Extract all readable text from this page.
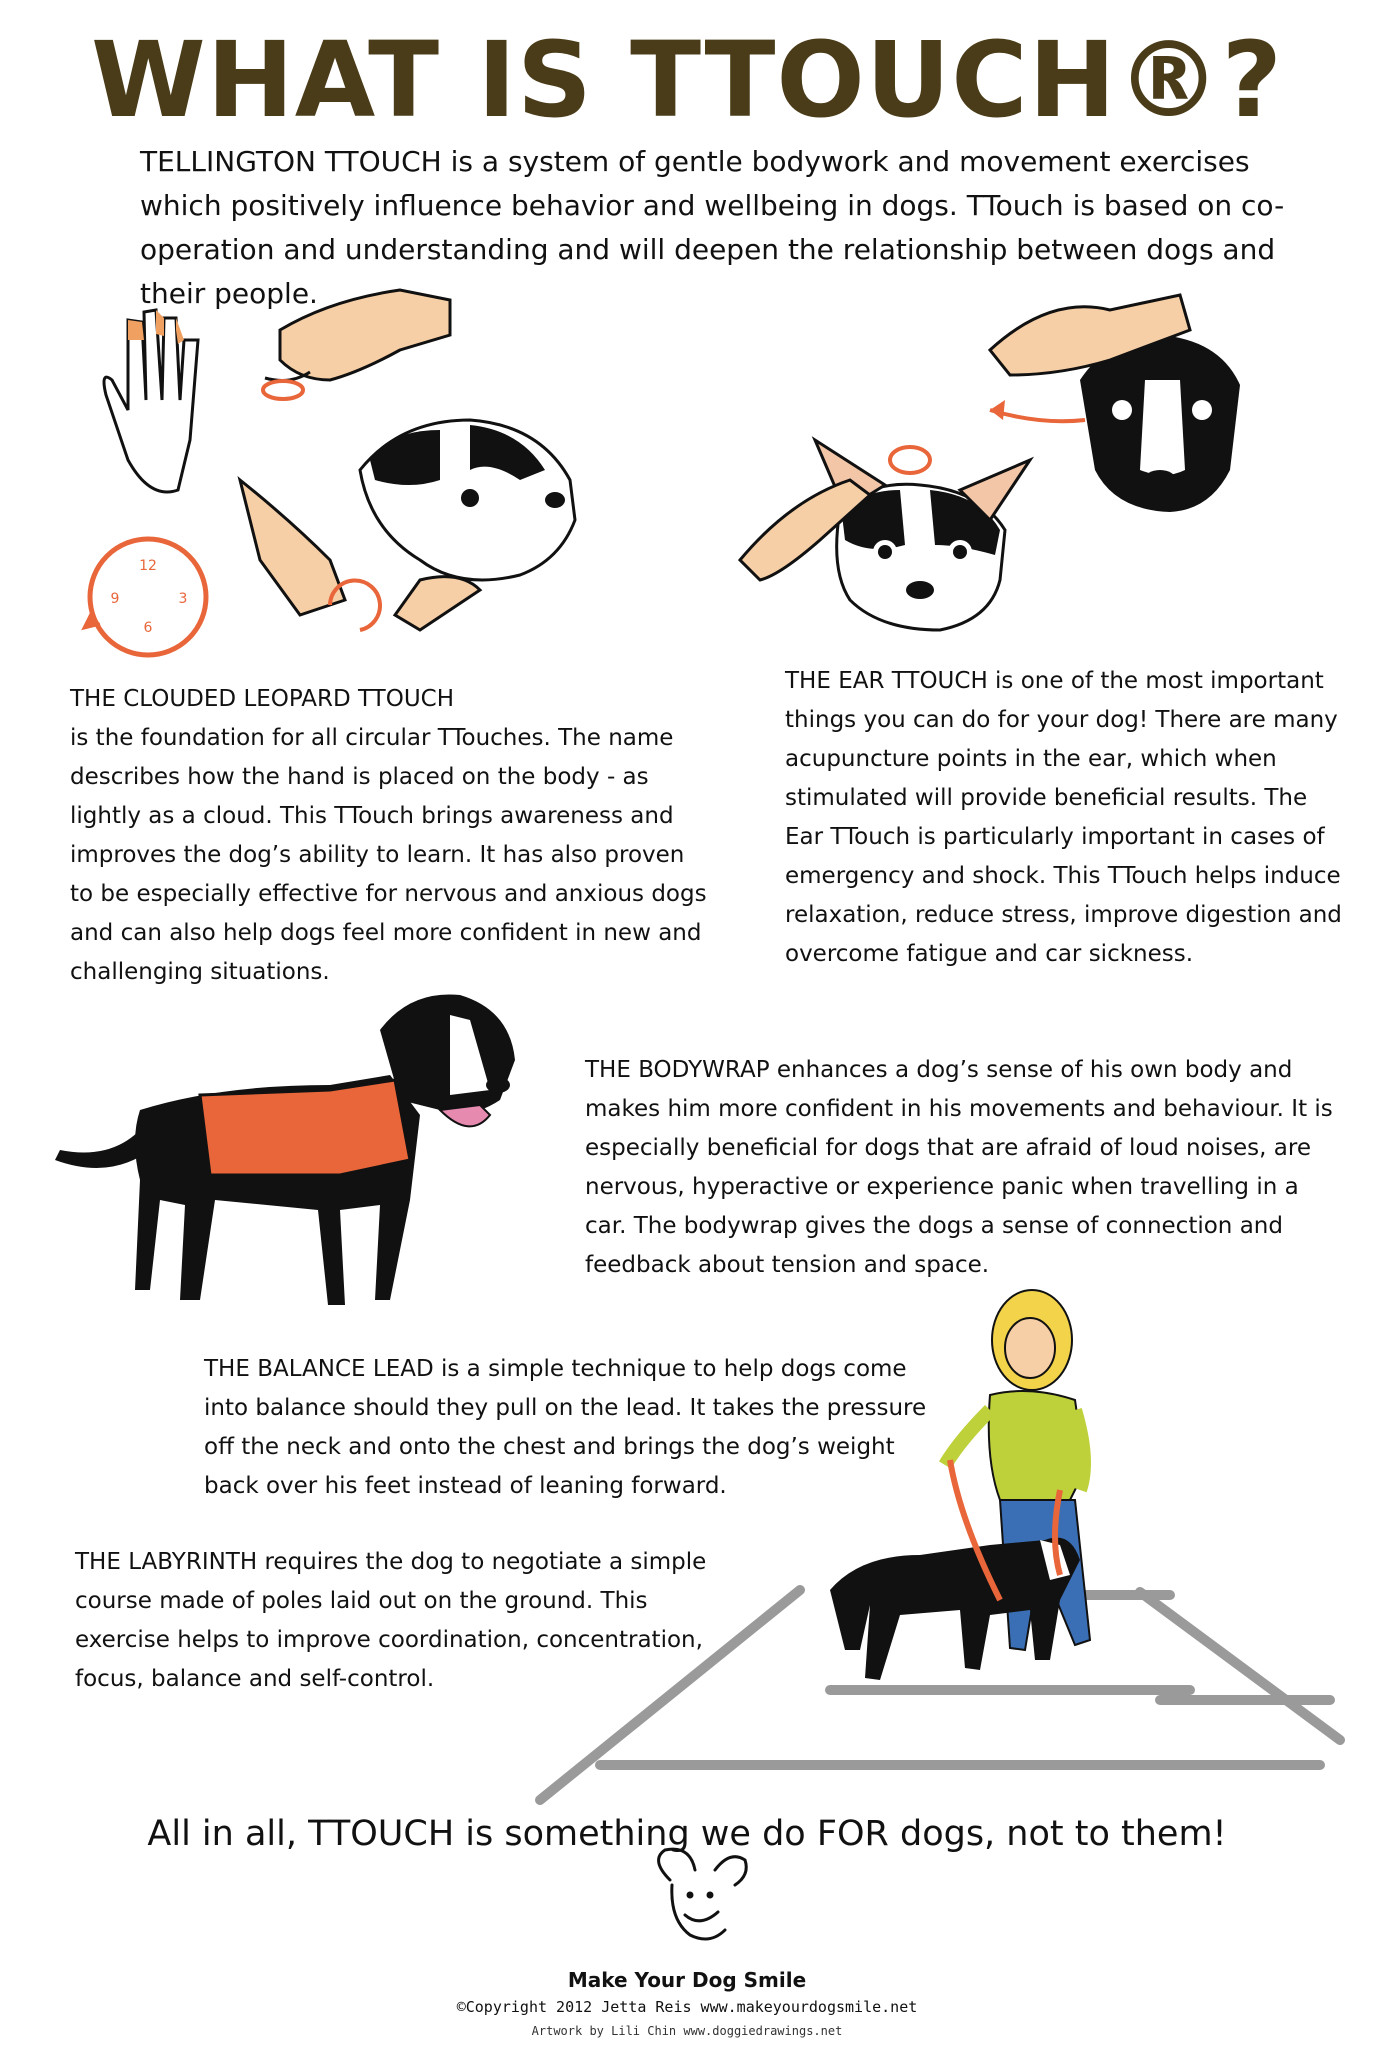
WHAT IS TTOUCH®?
TELLINGTON TTOUCH is a system of gentle bodywork and movement exercises which positively influence behavior and wellbeing in dogs. TTouch is based on co-operation and understanding and will deepen the relationship between dogs and their people.
12
3
6
9
THE CLOUDED LEOPARD TTOUCH
is the foundation for all circular TTouches. The name describes how the hand is placed on the body - as lightly as a cloud. This TTouch brings awareness and improves the dog’s ability to learn. It has also proven to be especially effective for nervous and anxious dogs and can also help dogs feel more confident in new and challenging situations.
THE EAR TTOUCH is one of the most important things you can do for your dog! There are many acupuncture points in the ear, which when stimulated will provide beneficial results. The Ear TTouch is particularly important in cases of emergency and shock. This TTouch helps induce relaxation, reduce stress, improve digestion and overcome fatigue and car sickness.
THE BODYWRAP enhances a dog’s sense of his own body and makes him more confident in his movements and behaviour. It is especially beneficial for dogs that are afraid of loud noises, are nervous, hyperactive or experience panic when travelling in a car. The bodywrap gives the dogs a sense of connection and feedback about tension and space.
THE BALANCE LEAD is a simple technique to help dogs come into balance should they pull on the lead. It takes the pressure off the neck and onto the chest and brings the dog’s weight back over his feet instead of leaning forward.
THE LABYRINTH requires the dog to negotiate a simple course made of poles laid out on the ground. This exercise helps to improve coordination, concentration, focus, balance and self-control.
All in all, TTOUCH is something we do FOR dogs, not to them!
Make Your Dog Smile
©Copyright 2012 Jetta Reis www.makeyourdogsmile.net
Artwork by Lili Chin www.doggiedrawings.net
